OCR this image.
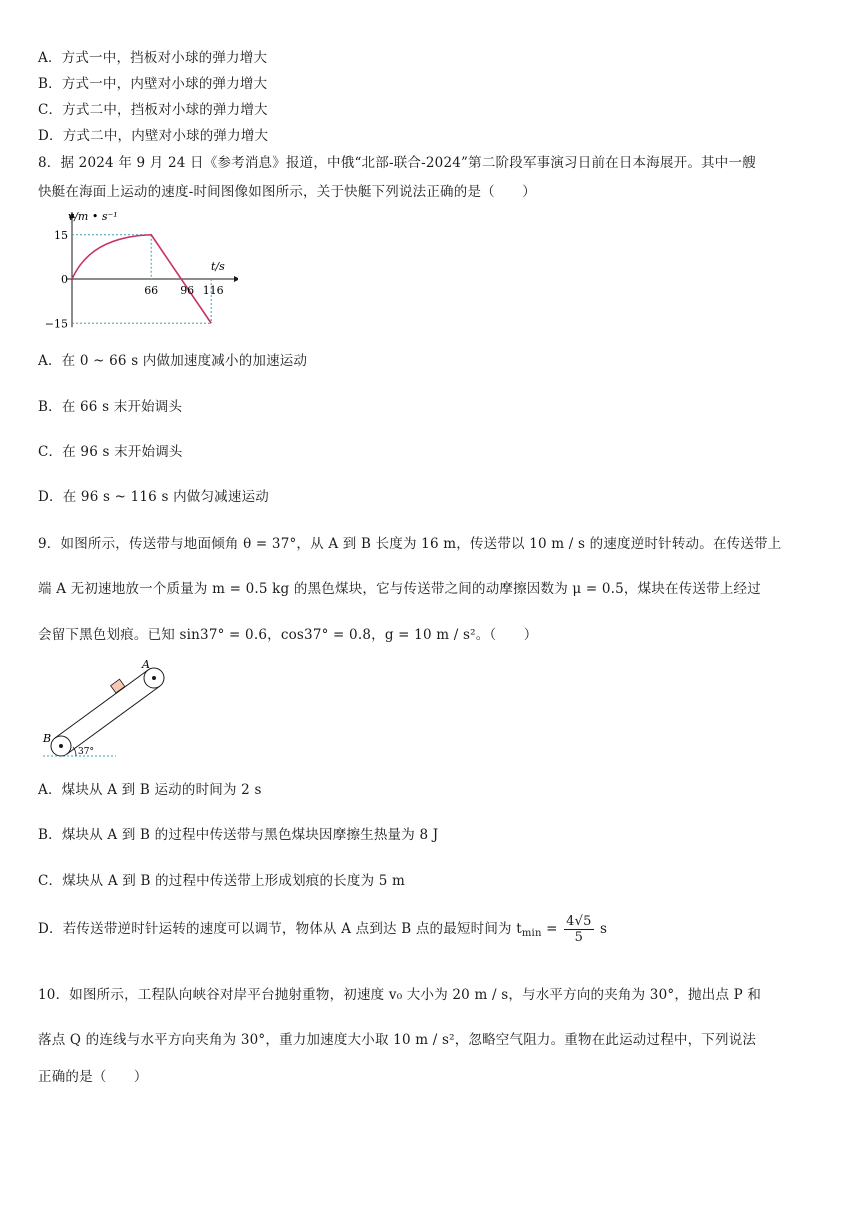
A．方式一中，挡板对小球的弹力增大
B．方式一中，内壁对小球的弹力增大
C．方式二中，挡板对小球的弹力增大
D．方式二中，内壁对小球的弹力增大
8．据 2024 年 9 月 24 日《参考消息》报道，中俄“北部-联合-2024”第二阶段军事演习日前在日本海展开。其中一艘
快艇在海面上运动的速度-时间图像如图所示，关于快艇下列说法正确的是（　　）
15
0
−15
66 96 116
v/m • s⁻¹
t/s
A．在 0 ~ 66 s 内做加速度减小的加速运动
B．在 66 s 末开始调头
C．在 96 s 末开始调头
D．在 96 s ~ 116 s 内做匀减速运动
9．如图所示，传送带与地面倾角 θ = 37°，从 A 到 B 长度为 16 m，传送带以 10 m / s 的速度逆时针转动。在传送带上
端 A 无初速地放一个质量为 m = 0.5 kg 的黑色煤块，它与传送带之间的动摩擦因数为 μ = 0.5，煤块在传送带上经过
会留下黑色划痕。已知 sin37° = 0.6，cos37° = 0.8，g = 10 m / s²。（　　）
A
B
37°
A．煤块从 A 到 B 运动的时间为 2 s
B．煤块从 A 到 B 的过程中传送带与黑色煤块因摩擦生热量为 8 J
C．煤块从 A 到 B 的过程中传送带上形成划痕的长度为 5 m
D．若传送带逆时针运转的速度可以调节，物体从 A 点到达 B 点的最短时间为 $t_{min} = \frac{4√5}{5}$ s
10．如图所示，工程队向峡谷对岸平台抛射重物，初速度 v₀ 大小为 20 m / s，与水平方向的夹角为 30°，抛出点 P 和
落点 Q 的连线与水平方向夹角为 30°，重力加速度大小取 10 m / s²，忽略空气阻力。重物在此运动过程中，下列说法
正确的是（　　）
